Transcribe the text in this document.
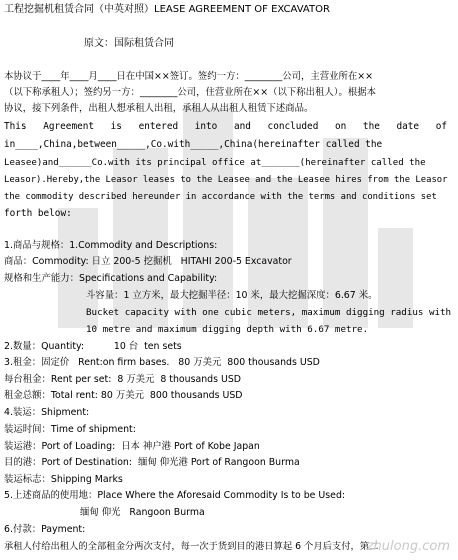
工程挖掘机租赁合同（中英对照）LEASE AGREEMENT OF EXCAVATOR
原文：国际租赁合同
本协议于____年____月____日在中国××签订。签约一方：________公司，主营业所在××
（以下称承租人）；签约另一方：________公司，住营业所在××（以下称出租人）。根据本
协议，接下列条件，出租人想承租人出租，承租人从出租人租赁下述商品。
This Agreement is entered into and concluded on the date of
in____,China,between_____,Co.with_____,China(hereinafter called the
Leasee)and______Co.with its principal office at_______(hereinafter called the
Leasor).Hereby,the Leasor leases to the Leasee and the Leasee hires from the Leasor
the commodity described hereunder in accordance with the terms and conditions set
forth below:
1.商品与规格：1.Commodity and Descriptions:
商品：Commodity: 日立 200-5 挖掘机   HITAHI 200-5 Excavator
规格和生产能力：Specifications and Capability:
斗容量：1 立方米，最大挖掘半径：10 米，最大挖掘深度：6.67 米。
Bucket capacity with one cubic meters, maximum digging radius with
10 metre and maximum digging depth with 6.67 metre.
2.数量：Quantity:          10 台  ten sets
3.租金：固定价   Rent:on firm bases.   80 万美元  800 thousands USD
每台租金：Rent per set:  8 万美元  8 thousands USD
租金总额：Total rent: 80 万美元  800 thousands USD
4.装运：Shipment:
装运时间：Time of shipment:
装运港：Port of Loading:  日本 神户港 Port of Kobe Japan
目的港：Port of Destination:  缅甸 仰光港 Port of Rangoon Burma
装运标志：Shipping Marks
5.上述商品的使用地：Place Where the Aforesaid Commodity Is to be Used:
缅甸 仰光   Rangoon Burma
6.付款：Payment:
承租人付给出租人的全部租金分两次支付，每一次于货到目的港日算起 6 个月后支付，第二
zhulong.com
